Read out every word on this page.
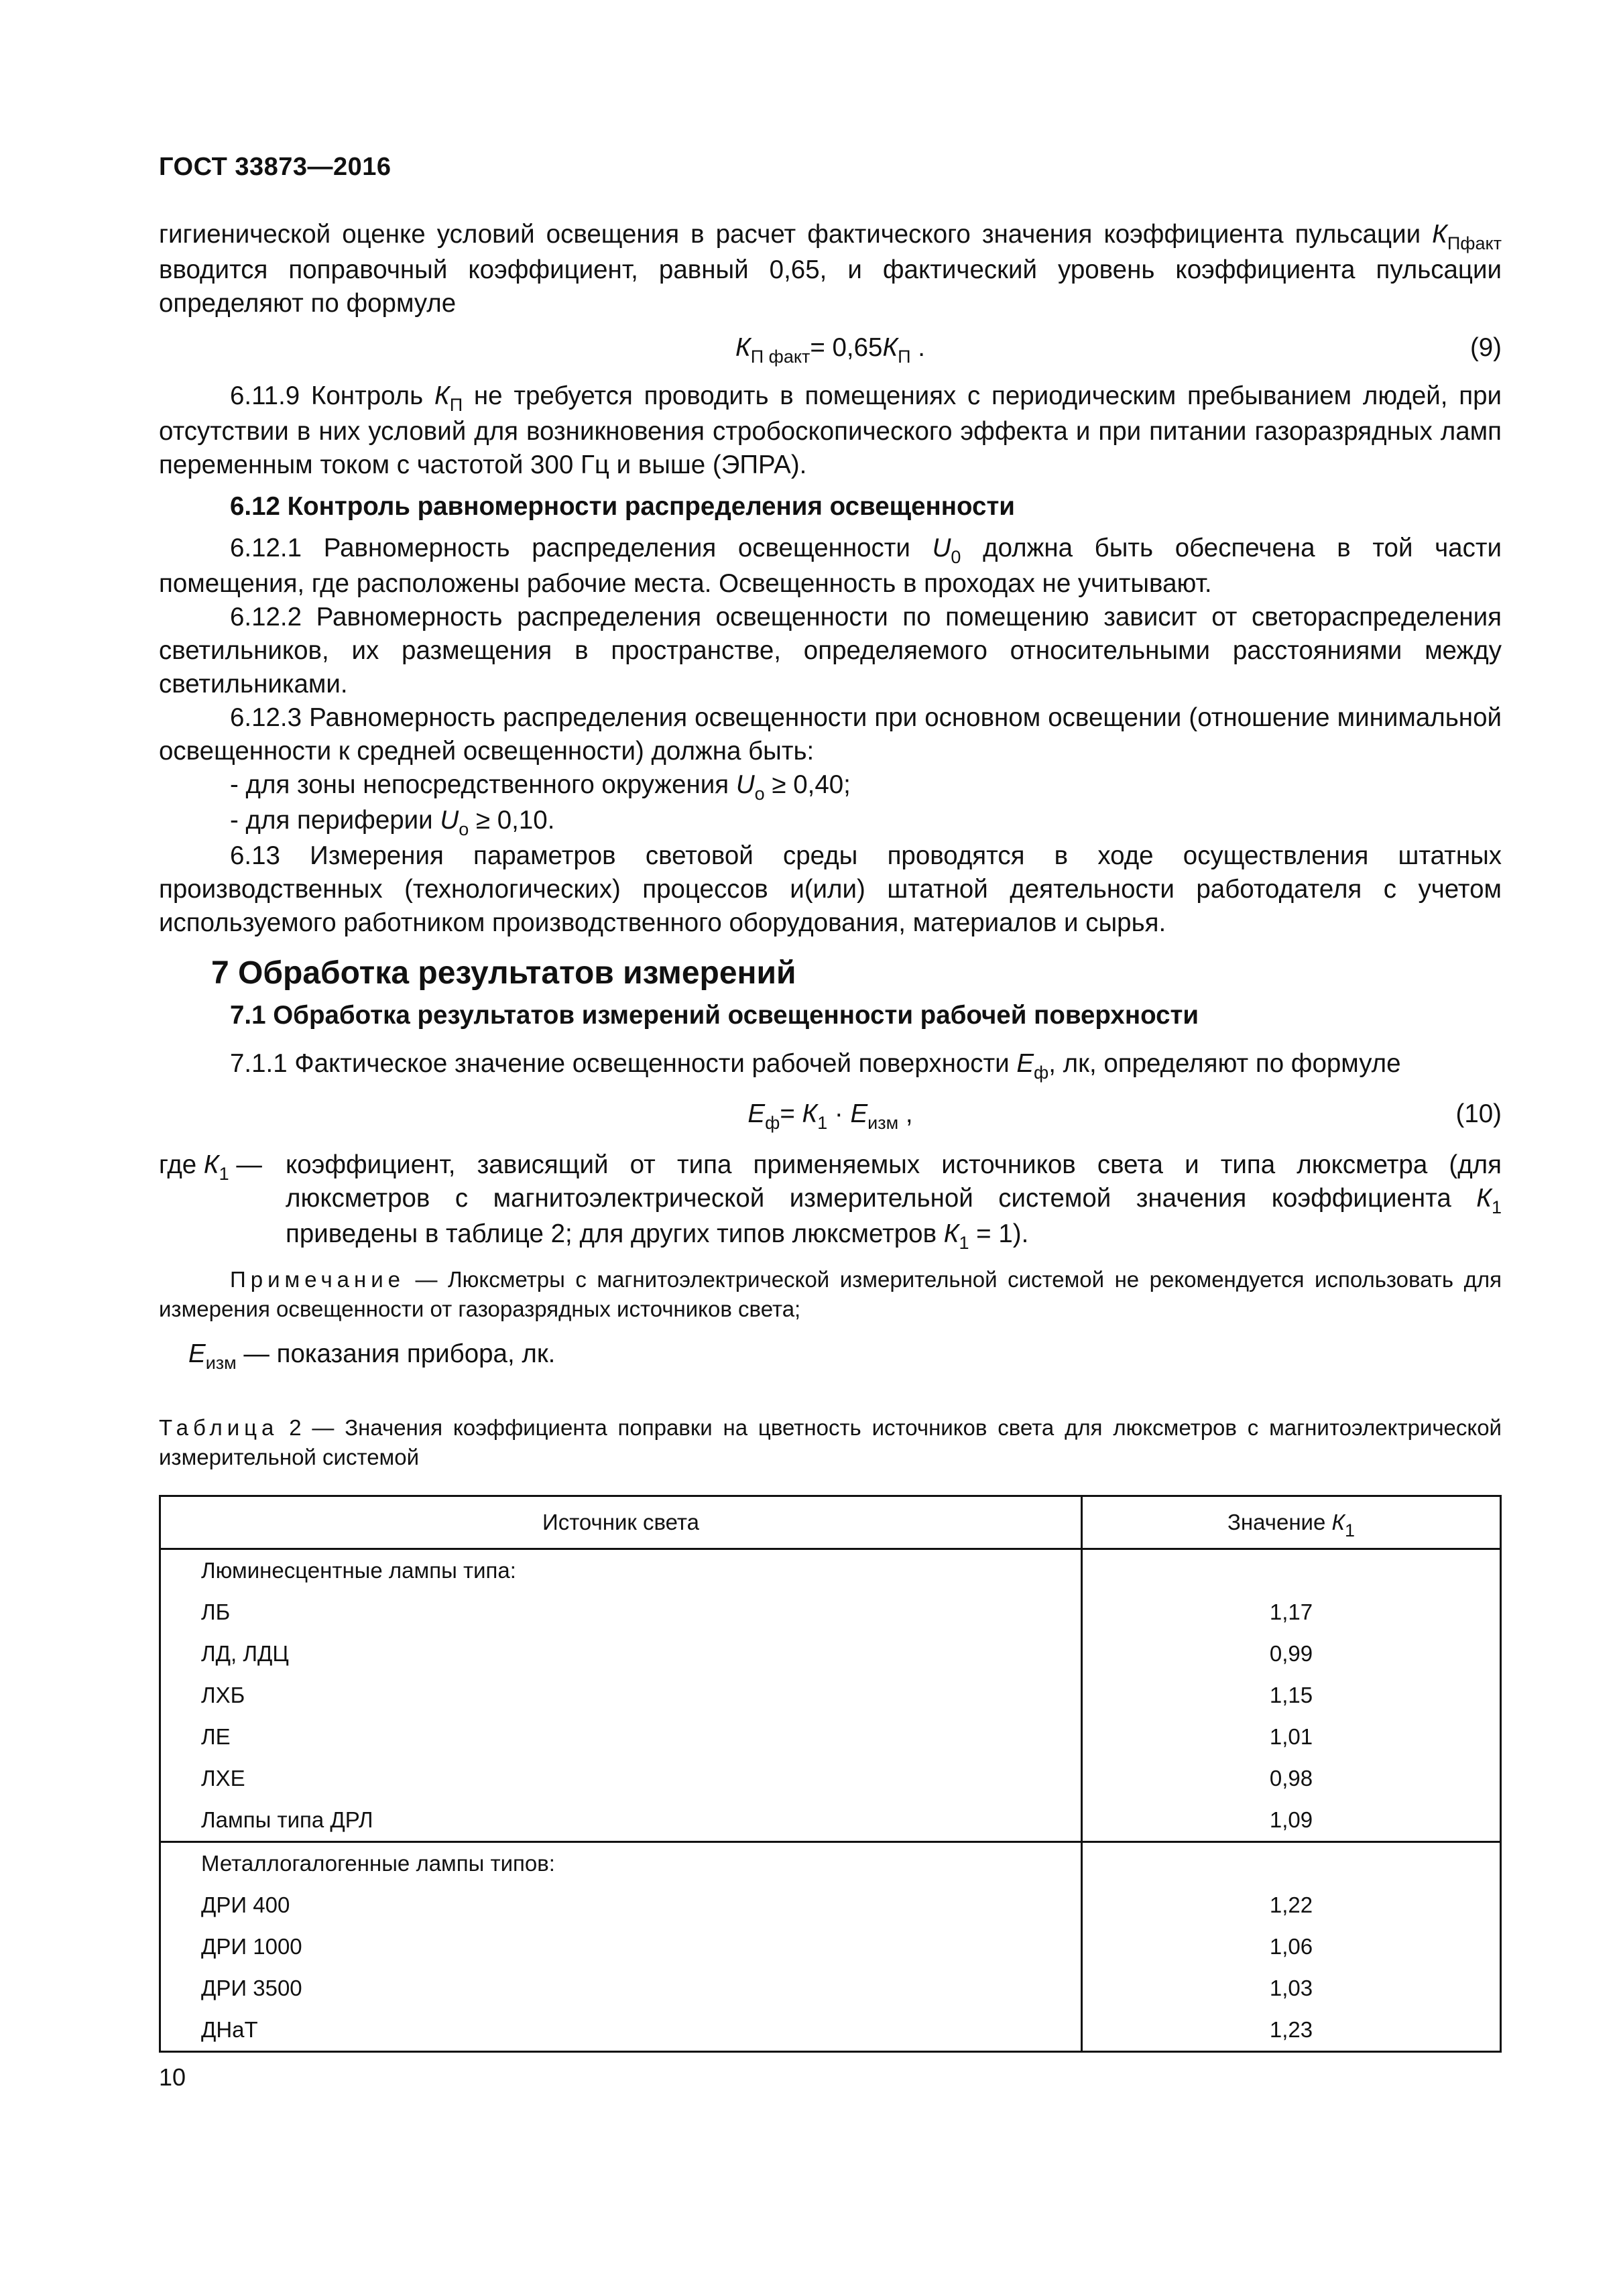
ГОСТ 33873—2016

гигиенической оценке условий освещения в расчет фактического значения коэффициента пульсации $К_{Пфакт}$ вводится поправочный коэффициент, равный 0,65, и фактический уровень коэффициента пульсации определяют по формуле

$К_{П факт}= 0,65К_П$ .	(9)

6.11.9 Контроль $К_П$ не требуется проводить в помещениях с периодическим пребыванием людей, при отсутствии в них условий для возникновения стробоскопического эффекта и при питании газоразрядных ламп переменным током с частотой 300 Гц и выше (ЭПРА).

6.12 Контроль равномерности распределения освещенности

6.12.1 Равномерность распределения освещенности $U_0$ должна быть обеспечена в той части помещения, где расположены рабочие места. Освещенность в проходах не учитывают.

6.12.2 Равномерность распределения освещенности по помещению зависит от светораспределения светильников, их размещения в пространстве, определяемого относительными расстояниями между светильниками.

6.12.3 Равномерность распределения освещенности при основном освещении (отношение минимальной освещенности к средней освещенности) должна быть:

- для зоны непосредственного окружения $U_o \ge 0,40$;

- для периферии $U_o \ge 0,10$.

6.13 Измерения параметров световой среды проводятся в ходе осуществления штатных производственных (технологических) процессов и(или) штатной деятельности работодателя с учетом используемого работником производственного оборудования, материалов и сырья.

7 Обработка результатов измерений

7.1 Обработка результатов измерений освещенности рабочей поверхности

7.1.1 Фактическое значение освещенности рабочей поверхности $Е_ф$, лк, определяют по формуле

$Е_ф= К_1 \cdot Е_{изм}$ ,	(10)
где $К_1$ — коэффициент, зависящий от типа применяемых источников света и типа люксметра (для люксметров с магнитоэлектрической измерительной системой значения коэффициента $К_1$ приведены в таблице 2; для других типов люксметров $К_1 = 1$).

Примечание — Люксметры с магнитоэлектрической измерительной системой не рекомендуется использовать для измерения освещенности от газоразрядных источников света;

$Е_{изм}$ — показания прибора, лк.
Таблица 2 — Значения коэффициента поправки на цветность источников света для люксметров с магнитоэлектрической измерительной системой
Источник света	Значение $К_1$
Люминесцентные лампы типа:	
ЛБ	1,17
ЛД, ЛДЦ	0,99
ЛХБ	1,15
ЛЕ	1,01
ЛХЕ	0,98
Лампы типа ДРЛ	1,09
Металлогалогенные лампы типов:	
ДРИ 400	1,22
ДРИ 1000	1,06
ДРИ 3500	1,03
ДНаТ	1,23
10
